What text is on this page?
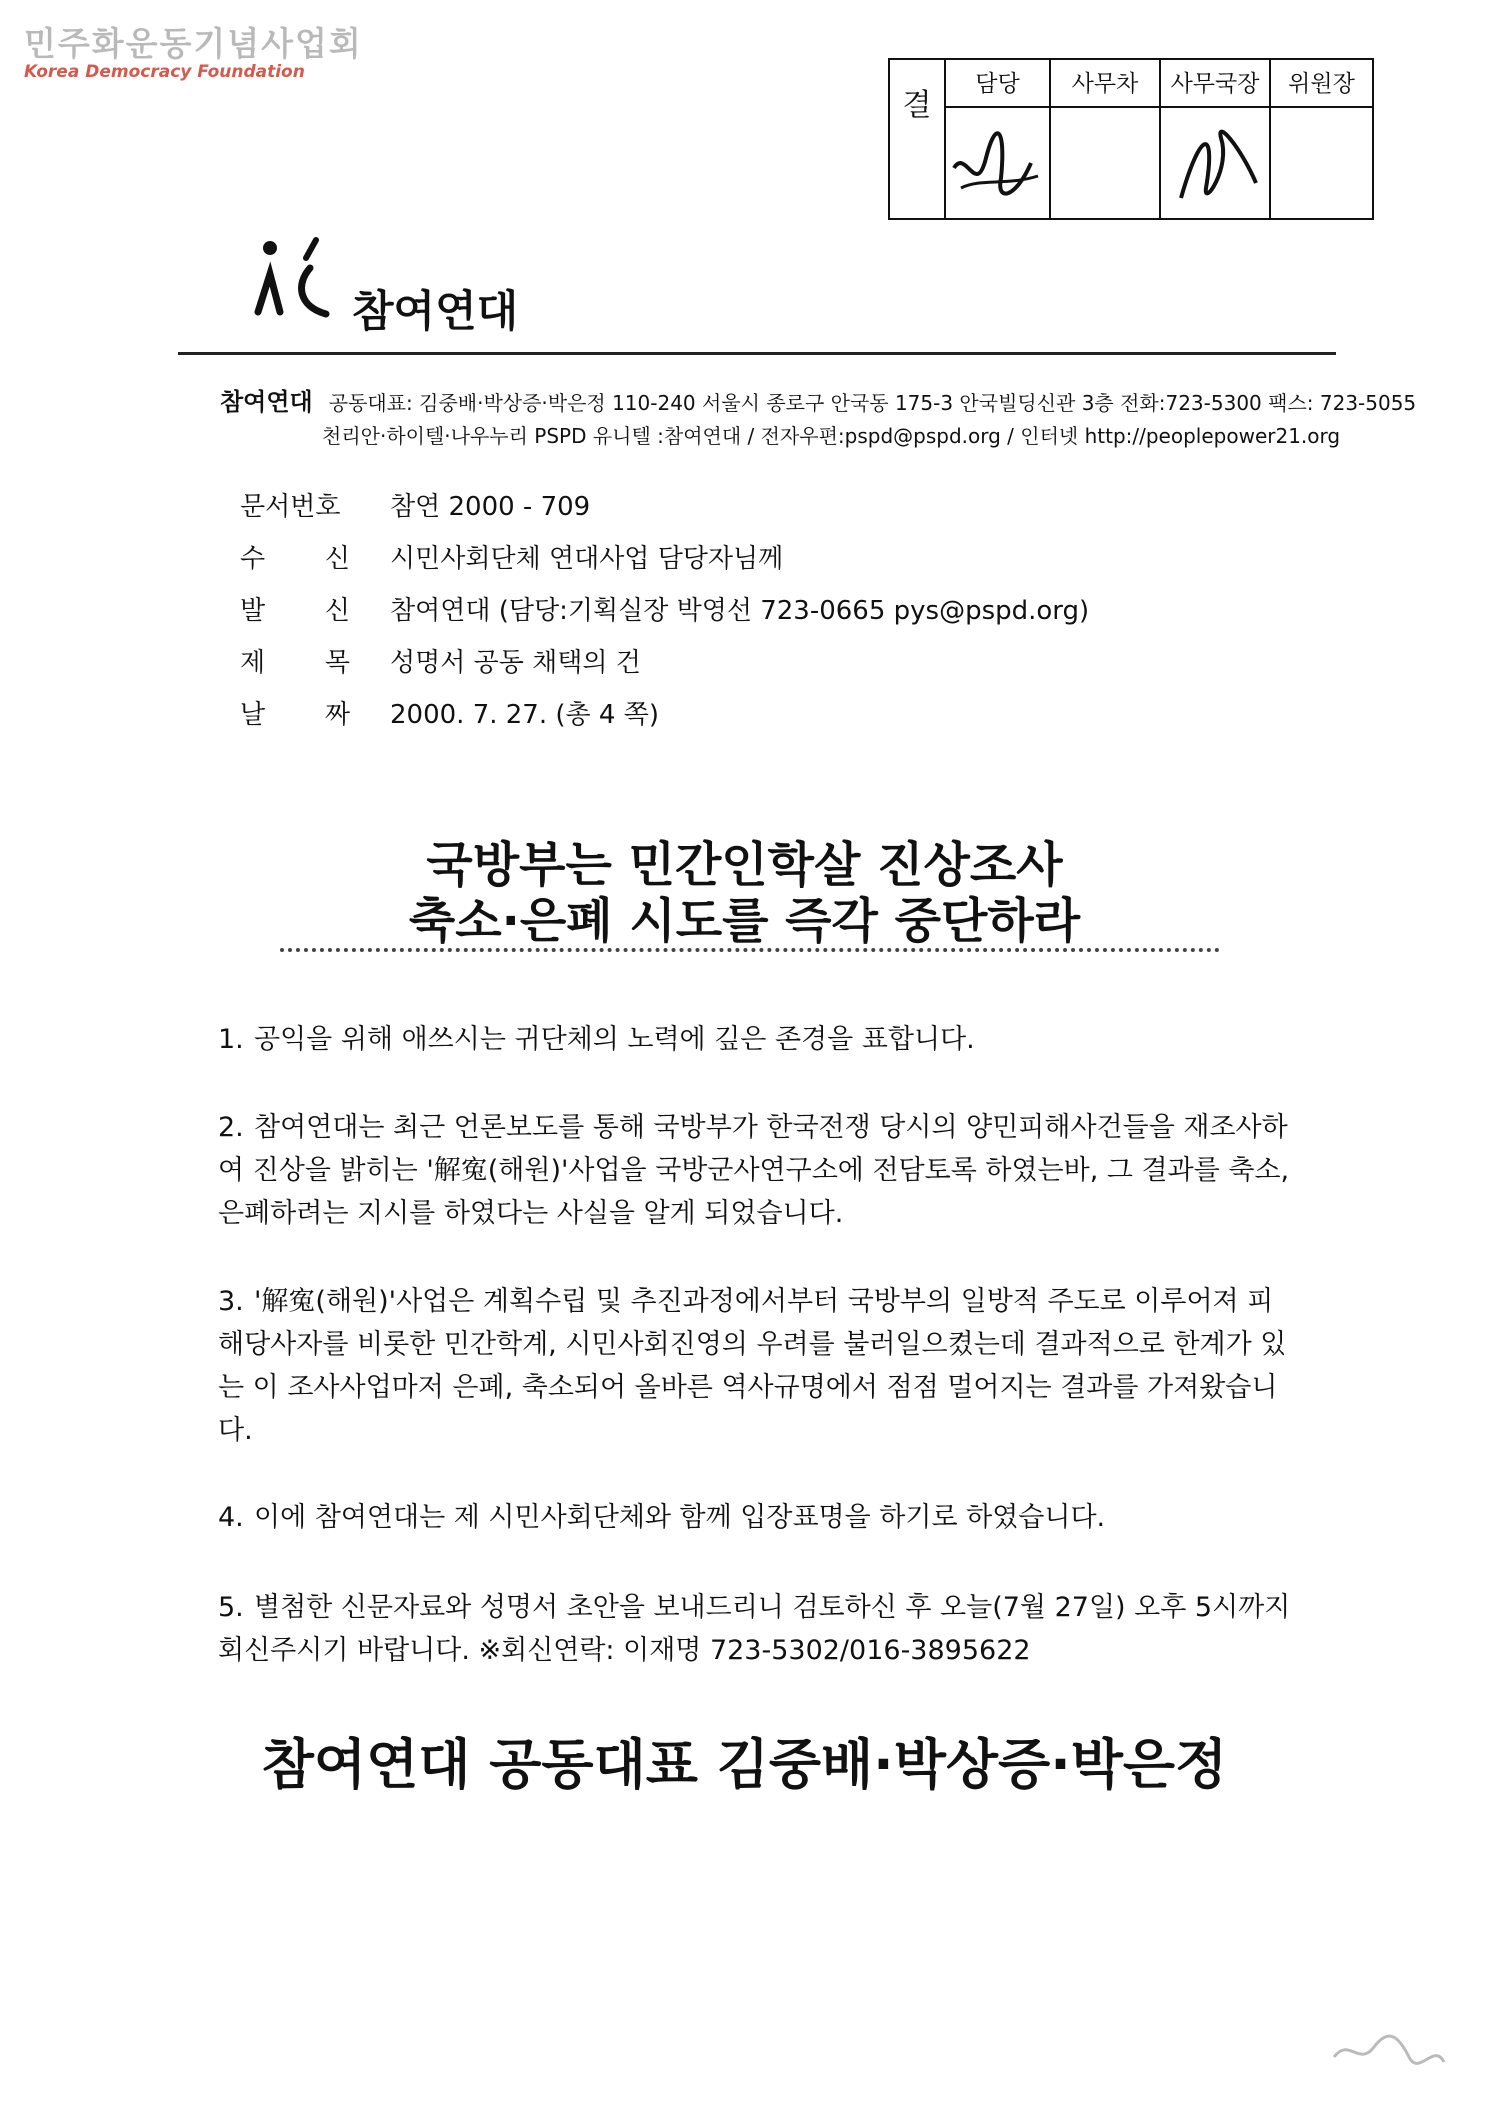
민주화운동기념사업회
Korea Democracy Foundation
결
담당	사무차	사무국장	위원장
참여연대
참여연대 공동대표: 김중배·박상증·박은정 110-240 서울시 종로구 안국동 175-3 안국빌딩신관 3층 전화:723-5300 팩스: 723-5055
천리안·하이텔·나우누리 PSPD 유니텔 :참여연대 / 전자우편:pspd@pspd.org / 인터넷 http://peoplepower21.org
문서번호 참연 2000 - 709
수 신 시민사회단체 연대사업 담당자님께
발 신 참여연대 (담당:기획실장 박영선 723-0665 pys@pspd.org)
제 목 성명서 공동 채택의 건
날 짜 2000. 7. 27. (총 4 쪽)
국방부는 민간인학살 진상조사
축소·은폐 시도를 즉각 중단하라
1. 공익을 위해 애쓰시는 귀단체의 노력에 깊은 존경을 표합니다.
2. 참여연대는 최근 언론보도를 통해 국방부가 한국전쟁 당시의 양민피해사건들을 재조사하여 진상을 밝히는 '解寃(해원)'사업을 국방군사연구소에 전담토록 하였는바, 그 결과를 축소, 은폐하려는 지시를 하였다는 사실을 알게 되었습니다.
3. '解寃(해원)'사업은 계획수립 및 추진과정에서부터 국방부의 일방적 주도로 이루어져 피해당사자를 비롯한 민간학계, 시민사회진영의 우려를 불러일으켰는데 결과적으로 한계가 있는 이 조사사업마저 은폐, 축소되어 올바른 역사규명에서 점점 멀어지는 결과를 가져왔습니다.
4. 이에 참여연대는 제 시민사회단체와 함께 입장표명을 하기로 하였습니다.
5. 별첨한 신문자료와 성명서 초안을 보내드리니 검토하신 후 오늘(7월 27일) 오후 5시까지 회신주시기 바랍니다. ※회신연락: 이재명 723-5302/016-3895622
참여연대 공동대표 김중배·박상증·박은정
